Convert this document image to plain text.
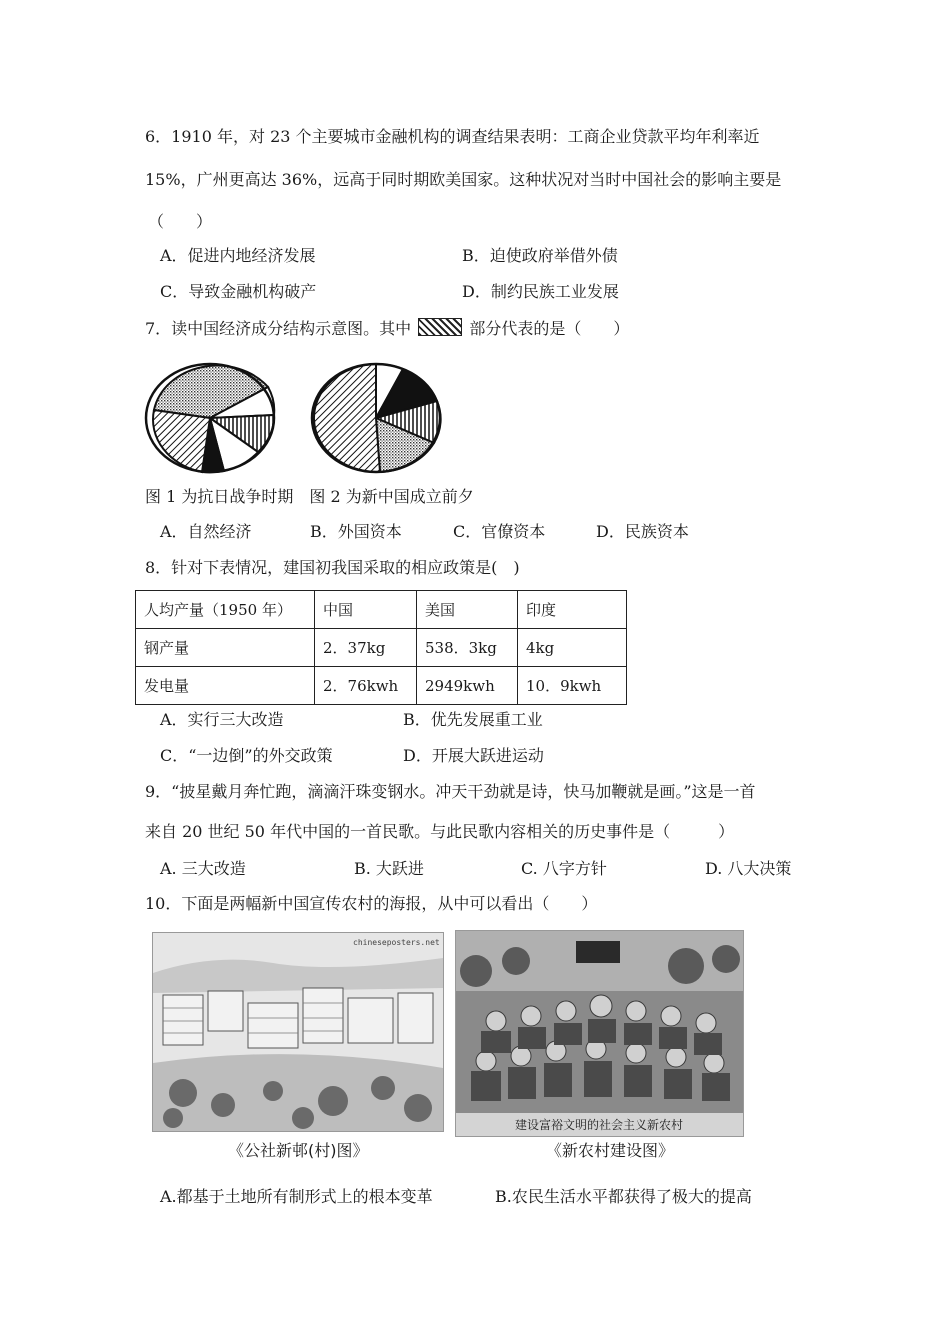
6．1910 年，对 23 个主要城市金融机构的调查结果表明：工商企业贷款平均年利率近
15%，广州更高达 36%，远高于同时期欧美国家。这种状况对当时中国社会的影响主要是
（　　）
A．促进内地经济发展	B．迫使政府举借外债
C．导致金融机构破产	D．制约民族工业发展
7．读中国经济成分结构示意图。其中	部分代表的是（　　）
图 1 为抗日战争时期　图 2 为新中国成立前夕
A．自然经济	B．外国资本	C．官僚资本	D．民族资本
8．针对下表情况，建国初我国采取的相应政策是(　)
人均产量（1950 年）	中国	美国	印度
钢产量	2．37kg	538．3kg	4kg
发电量	2．76kwh	2949kwh	10．9kwh
A．实行三大改造	B．优先发展重工业
C．“一边倒”的外交政策	D．开展大跃进运动
9．“披星戴月奔忙跑，滴滴汗珠变钢水。冲天干劲就是诗，快马加鞭就是画。”这是一首
来自 20 世纪 50 年代中国的一首民歌。与此民歌内容相关的历史事件是（　　　）
A. 三大改造	B. 大跃进	C. 八字方针	D. 八大决策
10．下面是两幅新中国宣传农村的海报，从中可以看出（　　）
chineseposters.net
《公社新邨(村)图》
建设富裕文明的社会主义新农村
《新农村建设图》
A.都基于土地所有制形式上的根本变革	B.农民生活水平都获得了极大的提高
